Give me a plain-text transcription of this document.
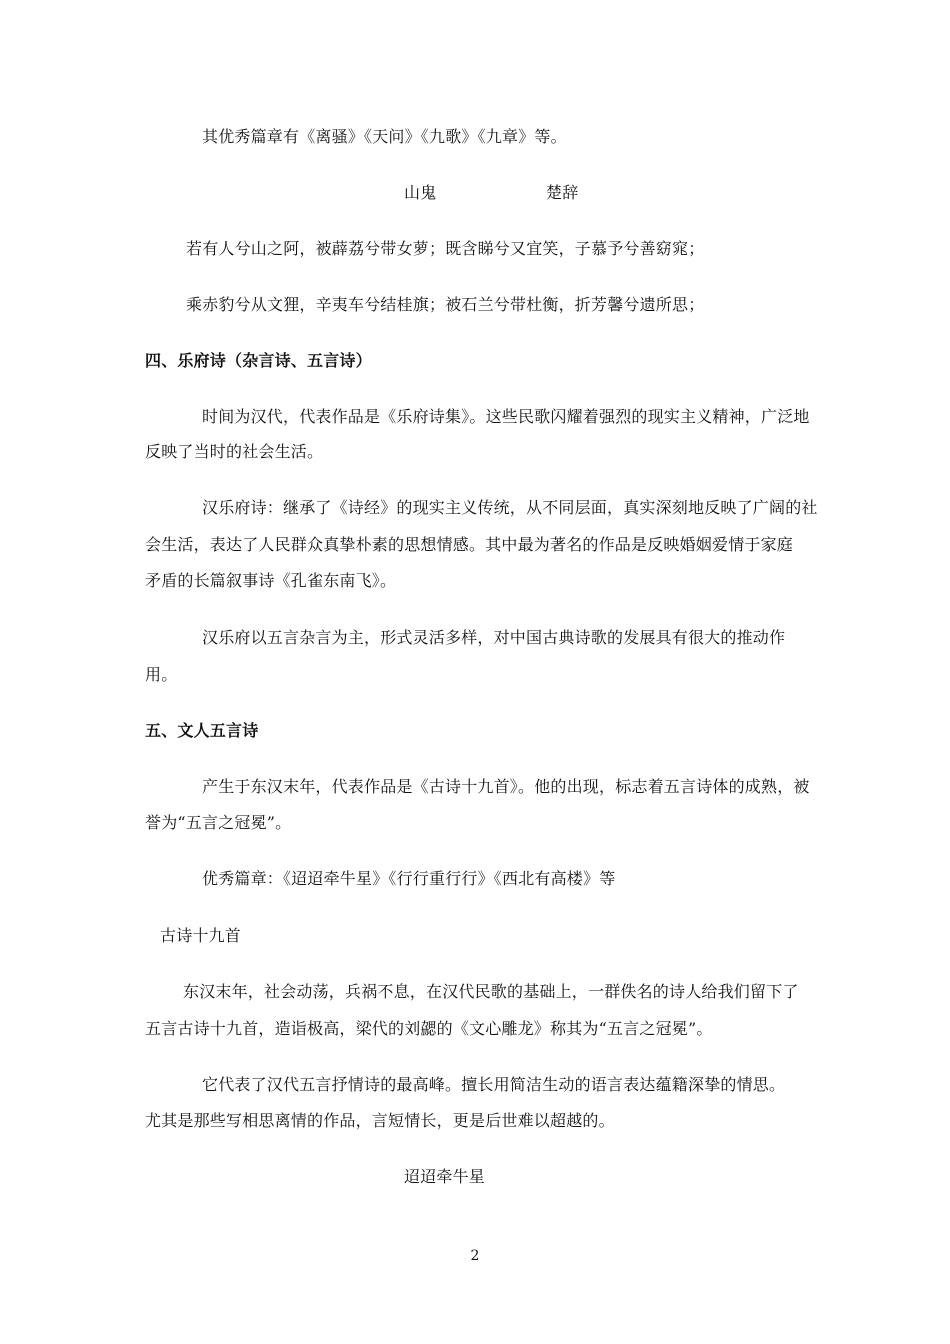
其优秀篇章有《离骚》《天问》《九歌》《九章》等。
山鬼	楚辞
若有人兮山之阿，被薜荔兮带女萝；既含睇兮又宜笑，子慕予兮善窈窕；
乘赤豹兮从文狸，辛夷车兮结桂旗；被石兰兮带杜衡，折芳馨兮遗所思；
四、乐府诗（杂言诗、五言诗）
时间为汉代，代表作品是《乐府诗集》。这些民歌闪耀着强烈的现实主义精神，广泛地
反映了当时的社会生活。
汉乐府诗：继承了《诗经》的现实主义传统，从不同层面，真实深刻地反映了广阔的社
会生活，表达了人民群众真挚朴素的思想情感。其中最为著名的作品是反映婚姻爱情于家庭
矛盾的长篇叙事诗《孔雀东南飞》。
汉乐府以五言杂言为主，形式灵活多样，对中国古典诗歌的发展具有很大的推动作
用。
五、文人五言诗
产生于东汉末年，代表作品是《古诗十九首》。他的出现，标志着五言诗体的成熟，被
誉为“五言之冠冕”。
优秀篇章：《迢迢牵牛星》《行行重行行》《西北有高楼》等
古诗十九首
东汉末年，社会动荡，兵祸不息，在汉代民歌的基础上，一群佚名的诗人给我们留下了
五言古诗十九首，造诣极高，梁代的刘勰的《文心雕龙》称其为“五言之冠冕”。
它代表了汉代五言抒情诗的最高峰。擅长用简洁生动的语言表达蕴籍深挚的情思。
尤其是那些写相思离情的作品，言短情长，更是后世难以超越的。
迢迢牵牛星
2
